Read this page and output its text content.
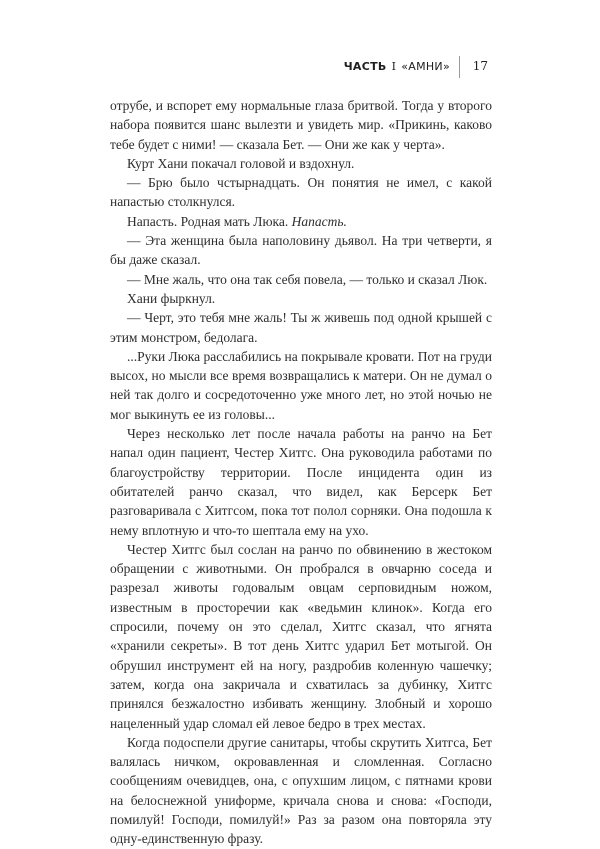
ЧАСТЬ I «АМНИ» 17

отрубе, и вспорет ему нормальные глаза бритвой. Тогда у второго набора появится шанс вылезти и увидеть мир. «Прикинь, каково тебе будет с ними! — сказала Бет. — Они же как у черта».

Курт Хани покачал головой и вздохнул.

— Брю было чстырнадцать. Он понятия не имел, с какой напастью столкнулся.

Напасть. Родная мать Люка. Напасть.

— Эта женщина была наполовину дьявол. На три четверти, я бы даже сказал.

— Мне жаль, что она так себя повела, — только и сказал Люк.

Хани фыркнул.

— Черт, это тебя мне жаль! Ты ж живешь под одной крышей с этим монстром, бедолага.

...Руки Люка расслабились на покрывале кровати. Пот на груди высох, но мысли все время возвращались к матери. Он не думал о ней так долго и сосредоточенно уже много лет, но этой ночью не мог выкинуть ее из головы...

Через несколько лет после начала работы на ранчо на Бет напал один пациент, Честер Хитгс. Она руководила работами по благоустройству территории. После инцидента один из обитателей ранчо сказал, что видел, как Берсерк Бет разговаривала с Хитгсом, пока тот полол сорняки. Она подошла к нему вплотную и что-то шептала ему на ухо.

Честер Хитгс был сослан на ранчо по обвинению в жестоком обращении с животными. Он пробрался в овчарню соседа и разрезал животы годовалым овцам серповидным ножом, известным в просторечии как «ведьмин клинок». Когда его спросили, почему он это сделал, Хитгс сказал, что ягнята «хранили секреты». В тот день Хитгс ударил Бет мотыгой. Он обрушил инструмент ей на ногу, раздробив коленную чашечку; затем, когда она закричала и схватилась за дубинку, Хитгс принялся безжалостно избивать женщину. Злобный и хорошо нацеленный удар сломал ей левое бедро в трех местах.

Когда подоспели другие санитары, чтобы скрутить Хитгса, Бет валялась ничком, окровавленная и сломленная. Согласно сообщениям очевидцев, она, с опухшим лицом, с пятнами крови на белоснежной униформе, кричала снова и снова: «Господи, помилуй! Господи, помилуй!» Раз за разом она повторяла эту одну-единственную фразу.
